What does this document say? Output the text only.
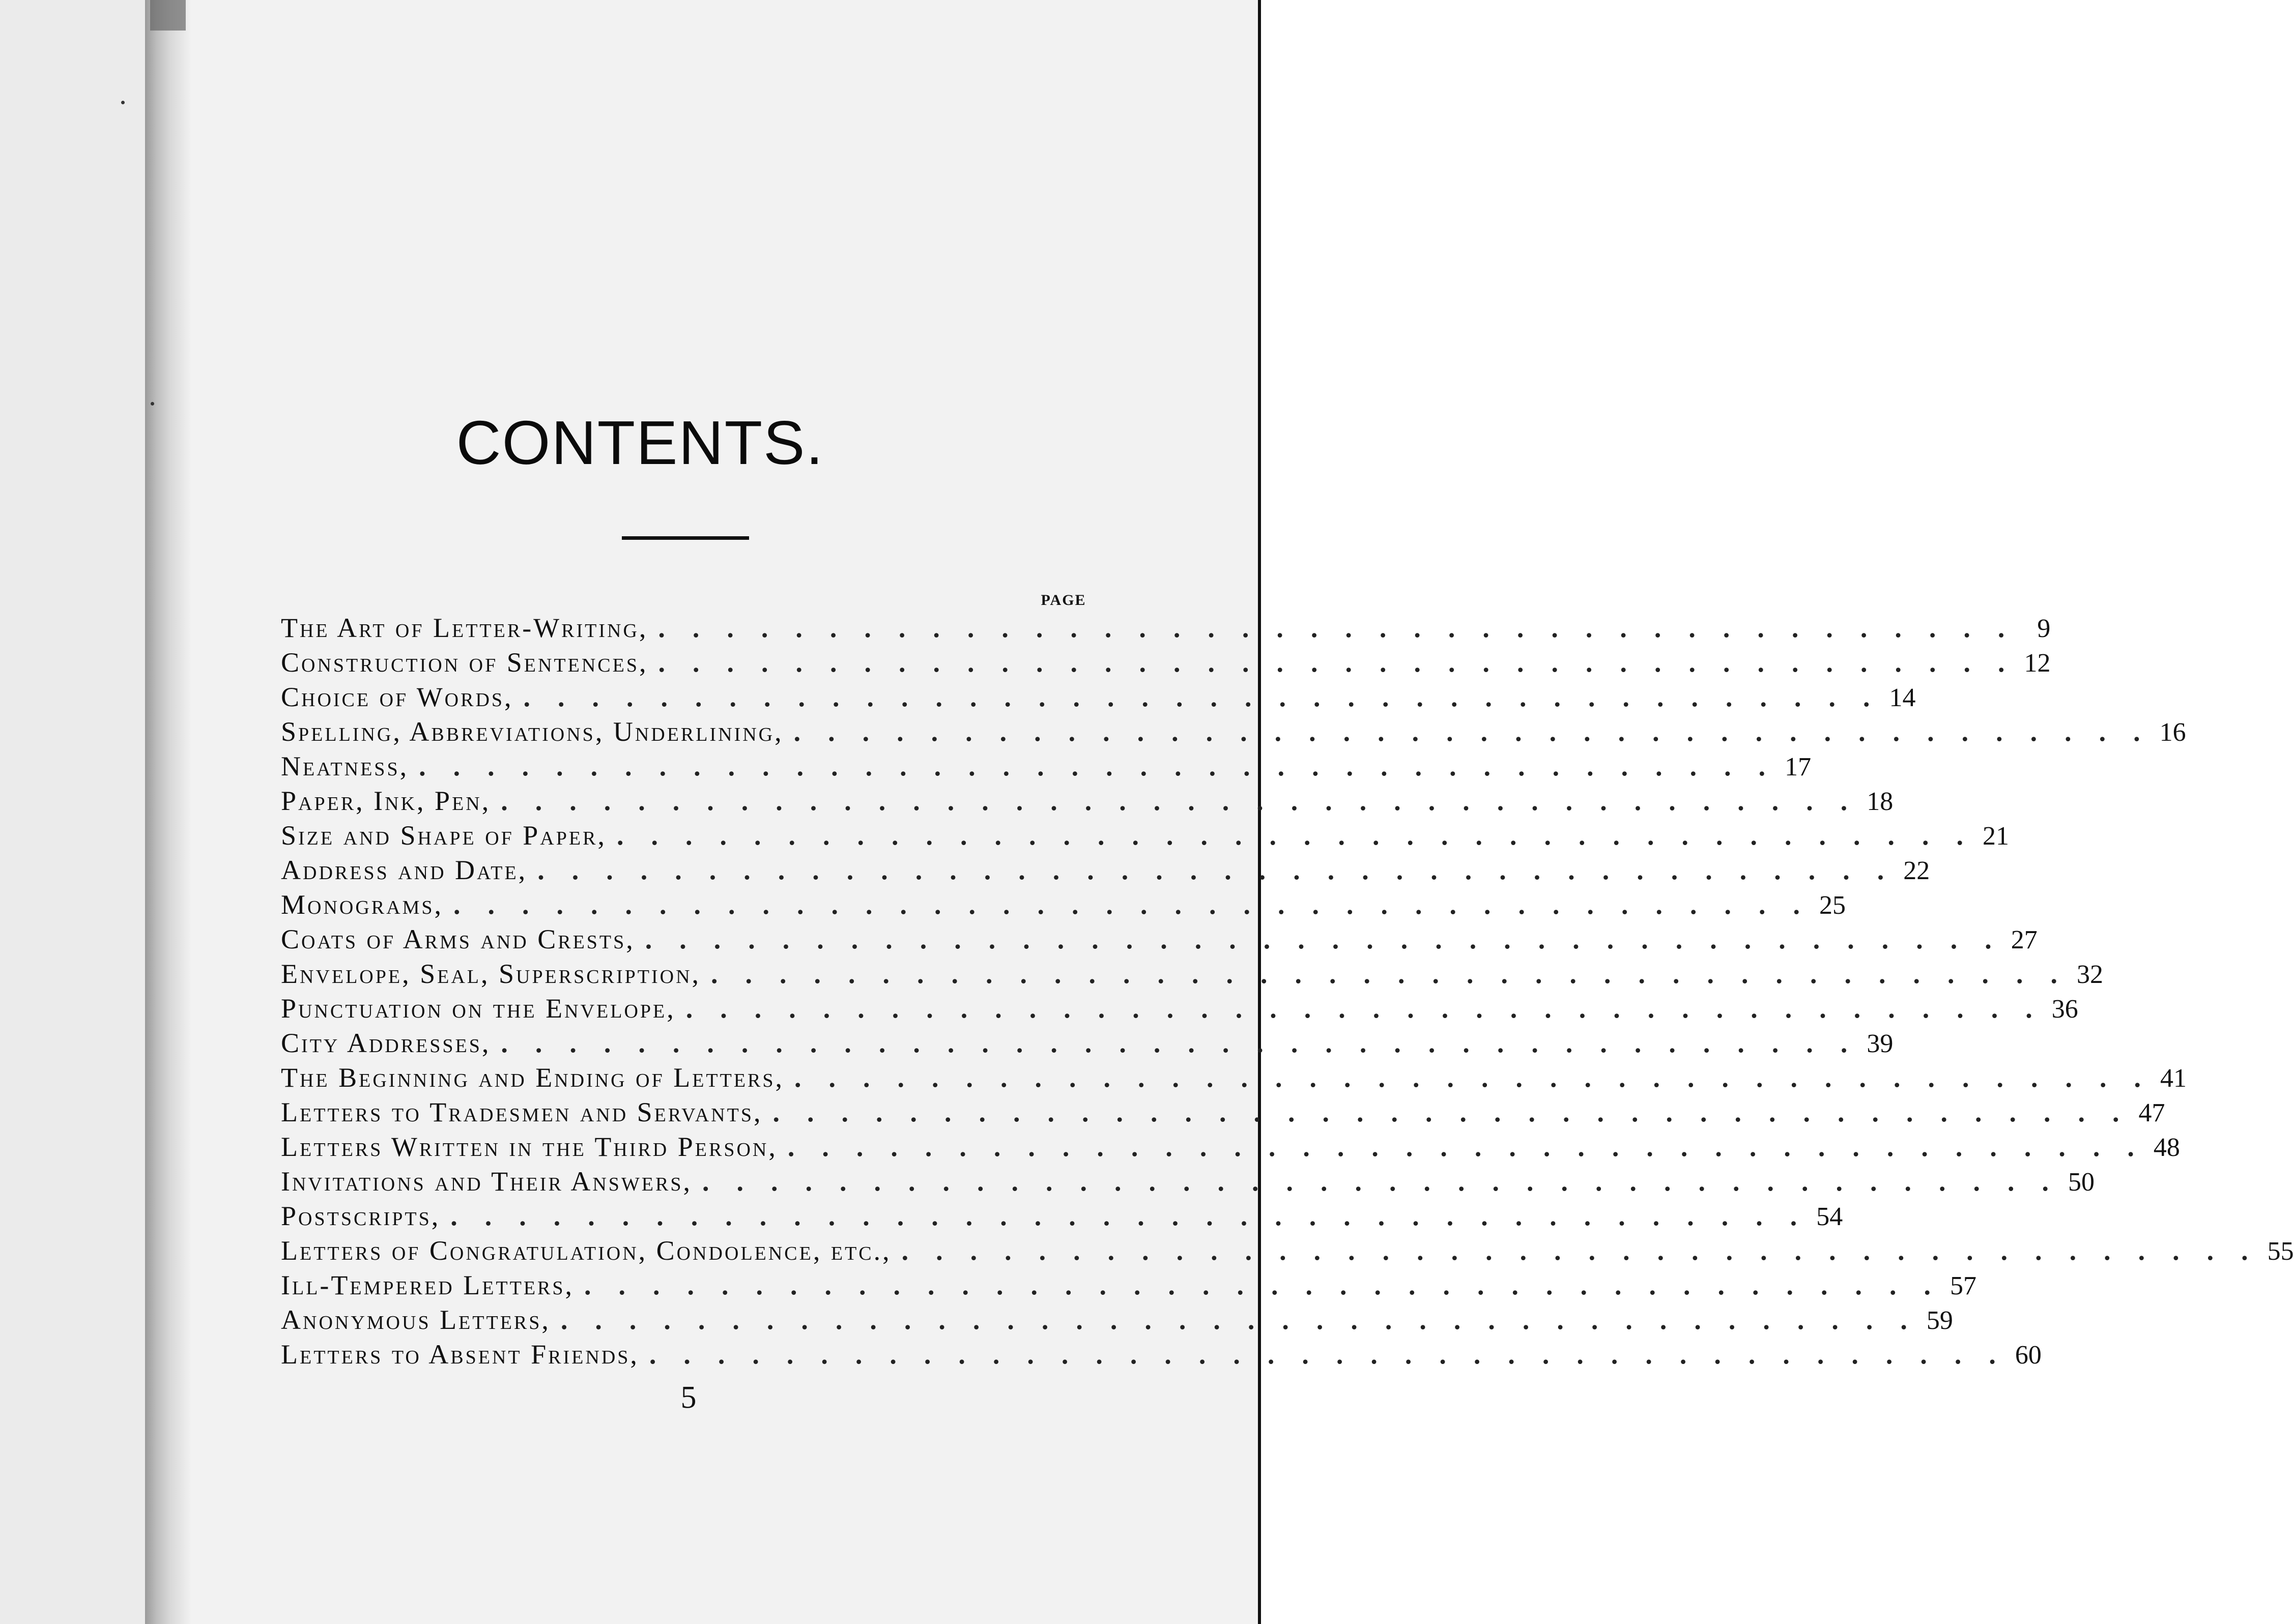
CONTENTS.
PAGE
The Art of Letter-Writing, . . . . . . . . . . . . . . . . . . . . . . . . . . . . . . . . . . . . . . . .	9
Construction of Sentences, . . . . . . . . . . . . . . . . . . . . . . . . . . . . . . . . . . . . . . . . 12
Choice of Words, . . . . . . . . . . . . . . . . . . . . . . . . . . . . . . . . . . . . . . . . 14
Spelling, Abbreviations, Underlining, . . . . . . . . . . . . . . . . . . . . . . . . . . . . . . . . . . . . . . . . 16
Neatness, . . . . . . . . . . . . . . . . . . . . . . . . . . . . . . . . . . . . . . . . 17
Paper, Ink, Pen, . . . . . . . . . . . . . . . . . . . . . . . . . . . . . . . . . . . . . . . . 18
Size and Shape of Paper, . . . . . . . . . . . . . . . . . . . . . . . . . . . . . . . . . . . . . . . . 21
Address and Date, . . . . . . . . . . . . . . . . . . . . . . . . . . . . . . . . . . . . . . . . 22
Monograms, . . . . . . . . . . . . . . . . . . . . . . . . . . . . . . . . . . . . . . . . 25
Coats of Arms and Crests, . . . . . . . . . . . . . . . . . . . . . . . . . . . . . . . . . . . . . . . . 27
Envelope, Seal, Superscription, . . . . . . . . . . . . . . . . . . . . . . . . . . . . . . . . . . . . . . . . 32
Punctuation on the Envelope, . . . . . . . . . . . . . . . . . . . . . . . . . . . . . . . . . . . . . . . . 36
City Addresses, . . . . . . . . . . . . . . . . . . . . . . . . . . . . . . . . . . . . . . . . 39
The Beginning and Ending of Letters, . . . . . . . . . . . . . . . . . . . . . . . . . . . . . . . . . . . . . . . . 41
Letters to Tradesmen and Servants, . . . . . . . . . . . . . . . . . . . . . . . . . . . . . . . . . . . . . . . . 47
Letters Written in the Third Person, . . . . . . . . . . . . . . . . . . . . . . . . . . . . . . . . . . . . . . . . 48
Invitations and Their Answers, . . . . . . . . . . . . . . . . . . . . . . . . . . . . . . . . . . . . . . . . 50
Postscripts, . . . . . . . . . . . . . . . . . . . . . . . . . . . . . . . . . . . . . . . . 54
Letters of Congratulation, Condolence, etc., . . . . . . . . . . . . . . . . . . . . . . . . . . . . . . . . . . . . . . . . 55
Ill-Tempered Letters, . . . . . . . . . . . . . . . . . . . . . . . . . . . . . . . . . . . . . . . . 57
Anonymous Letters, . . . . . . . . . . . . . . . . . . . . . . . . . . . . . . . . . . . . . . . . 59
Letters to Absent Friends, . . . . . . . . . . . . . . . . . . . . . . . . . . . . . . . . . . . . . . . . 60
5
